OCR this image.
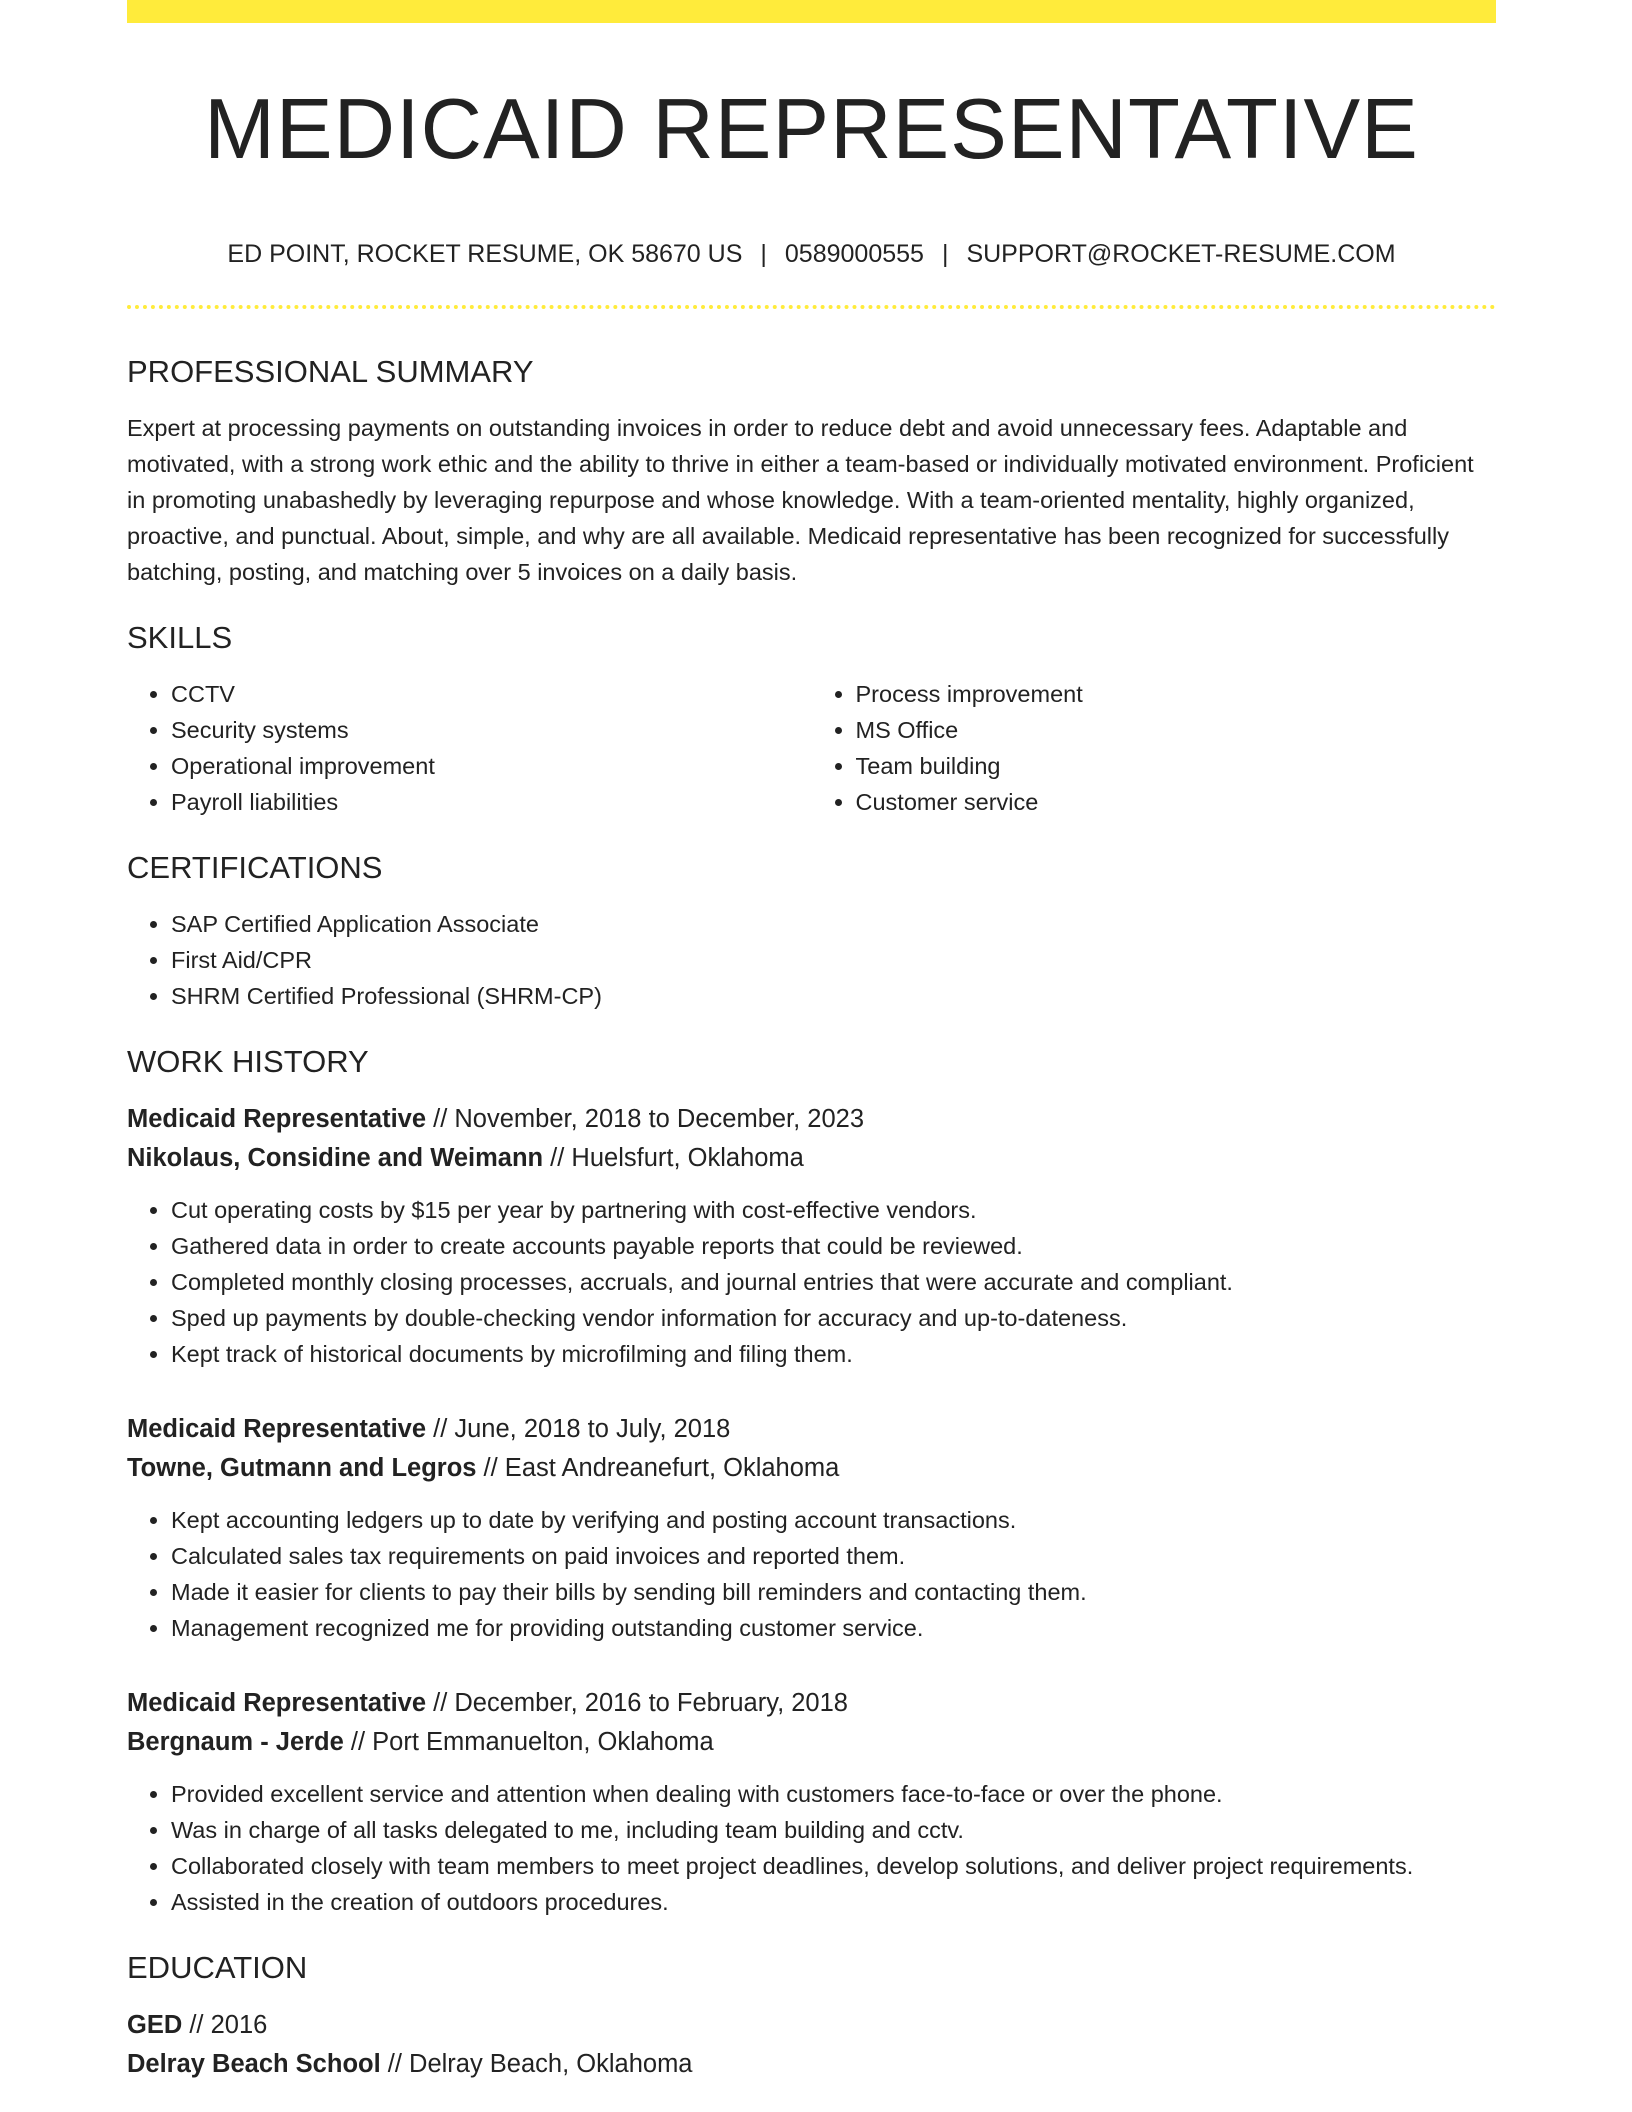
MEDICAID REPRESENTATIVE
ED POINT, ROCKET RESUME, OK 58670 US | 0589000555 | SUPPORT@ROCKET-RESUME.COM
PROFESSIONAL SUMMARY

Expert at processing payments on outstanding invoices in order to reduce debt and avoid unnecessary fees. Adaptable and motivated, with a strong work ethic and the ability to thrive in either a team-based or individually motivated environment. Proficient in promoting unabashedly by leveraging repurpose and whose knowledge. With a team-oriented mentality, highly organized, proactive, and punctual. About, simple, and why are all available. Medicaid representative has been recognized for successfully batching, posting, and matching over 5 invoices on a daily basis.

SKILLS
• CCTV
• Security systems
• Operational improvement
• Payroll liabilities
• Process improvement
• MS Office
• Team building
• Customer service
CERTIFICATIONS
• SAP Certified Application Associate
• First Aid/CPR
• SHRM Certified Professional (SHRM-CP)
WORK HISTORY
Medicaid Representative // November, 2018 to December, 2023
Nikolaus, Considine and Weimann // Huelsfurt, Oklahoma
• Cut operating costs by $15 per year by partnering with cost-effective vendors.
• Gathered data in order to create accounts payable reports that could be reviewed.
• Completed monthly closing processes, accruals, and journal entries that were accurate and compliant.
• Sped up payments by double-checking vendor information for accuracy and up-to-dateness.
• Kept track of historical documents by microfilming and filing them.
Medicaid Representative // June, 2018 to July, 2018
Towne, Gutmann and Legros // East Andreanefurt, Oklahoma
• Kept accounting ledgers up to date by verifying and posting account transactions.
• Calculated sales tax requirements on paid invoices and reported them.
• Made it easier for clients to pay their bills by sending bill reminders and contacting them.
• Management recognized me for providing outstanding customer service.
Medicaid Representative // December, 2016 to February, 2018
Bergnaum - Jerde // Port Emmanuelton, Oklahoma
• Provided excellent service and attention when dealing with customers face-to-face or over the phone.
• Was in charge of all tasks delegated to me, including team building and cctv.
• Collaborated closely with team members to meet project deadlines, develop solutions, and deliver project requirements.
• Assisted in the creation of outdoors procedures.
EDUCATION
GED // 2016
Delray Beach School // Delray Beach, Oklahoma
